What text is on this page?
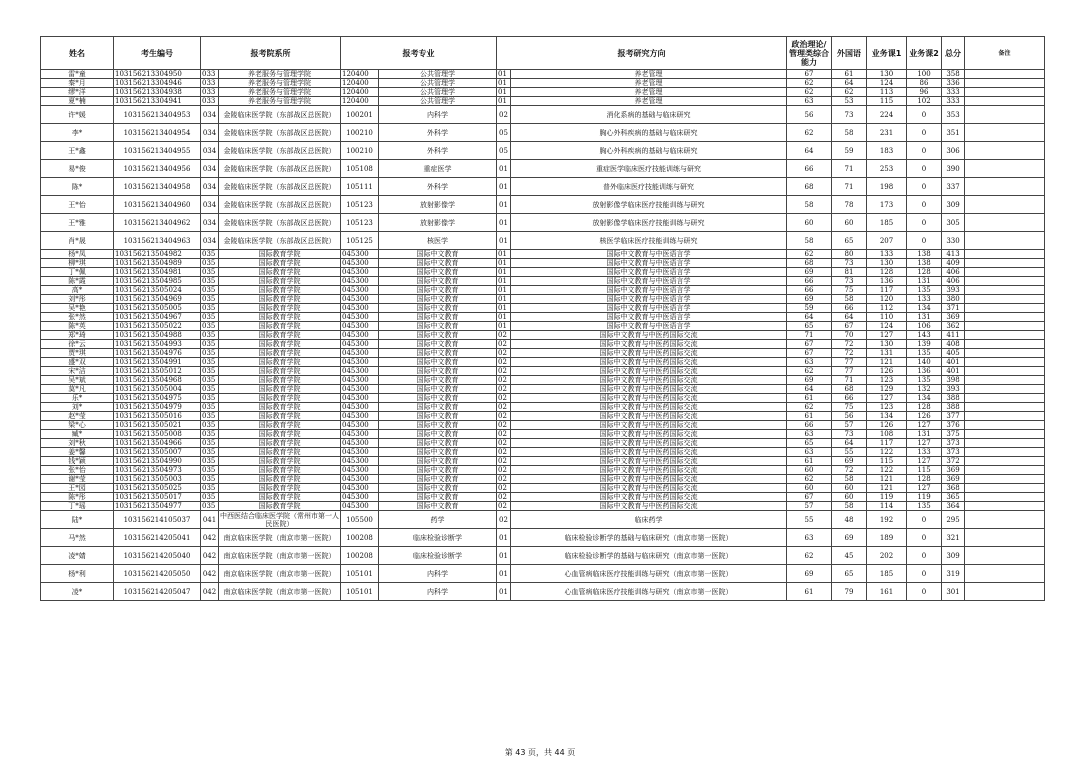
姓名	考生编号	报考院系所		报考专业		报考研究方向		政治理论/管理类综合能力	外国语	业务课1	业务课2	总分	备注
雷*童	103156213304950	033	养老服务与管理学院	120400	公共管理学	01	养老管理	67	61	130	100	358	
秦*月	103156213304946	033	养老服务与管理学院	120400	公共管理学	01	养老管理	62	64	124	86	336	
缪*洋	103156213304938	033	养老服务与管理学院	120400	公共管理学	01	养老管理	62	62	113	96	333	
夏*楠	103156213304941	033	养老服务与管理学院	120400	公共管理学	01	养老管理	63	53	115	102	333	
许*媛	103156213404953	034	金陵临床医学院（东部战区总医院）	100201	内科学	02	消化系病的基础与临床研究	56	73	224	0	353	
李*	103156213404954	034	金陵临床医学院（东部战区总医院）	100210	外科学	05	胸心外科疾病的基础与临床研究	62	58	231	0	351	
王*鑫	103156213404955	034	金陵临床医学院（东部战区总医院）	100210	外科学	05	胸心外科疾病的基础与临床研究	64	59	183	0	306	
易*俊	103156213404956	034	金陵临床医学院（东部战区总医院）	105108	重症医学	01	重症医学临床医疗技能训练与研究	66	71	253	0	390	
陈*	103156213404958	034	金陵临床医学院（东部战区总医院）	105111	外科学	01	普外临床医疗技能训练与研究	68	71	198	0	337	
王*怡	103156213404960	034	金陵临床医学院（东部战区总医院）	105123	放射影像学	01	放射影像学临床医疗技能训练与研究	58	78	173	0	309	
王*雅	103156213404962	034	金陵临床医学院（东部战区总医院）	105123	放射影像学	01	放射影像学临床医疗技能训练与研究	60	60	185	0	305	
肖*晟	103156213404963	034	金陵临床医学院（东部战区总医院）	105125	核医学	01	核医学临床医疗技能训练与研究	58	65	207	0	330	
杨*凤	103156213504982	035	国际教育学院	045300	国际中文教育	01	国际中文教育与中医语言学	62	80	133	138	413	
柳*琪	103156213504989	035	国际教育学院	045300	国际中文教育	01	国际中文教育与中医语言学	68	73	130	138	409	
丁*佩	103156213504981	035	国际教育学院	045300	国际中文教育	01	国际中文教育与中医语言学	69	81	128	128	406	
陈*霞	103156213504985	035	国际教育学院	045300	国际中文教育	01	国际中文教育与中医语言学	66	73	136	131	406	
高*	103156213505024	035	国际教育学院	045300	国际中文教育	01	国际中文教育与中医语言学	66	75	117	135	393	
刘*彤	103156213504969	035	国际教育学院	045300	国际中文教育	01	国际中文教育与中医语言学	69	58	120	133	380	
吴*艳	103156213505005	035	国际教育学院	045300	国际中文教育	01	国际中文教育与中医语言学	59	66	112	134	371	
张*然	103156213504967	035	国际教育学院	045300	国际中文教育	01	国际中文教育与中医语言学	64	64	110	131	369	
陈*英	103156213505022	035	国际教育学院	045300	国际中文教育	01	国际中文教育与中医语言学	65	67	124	106	362	
郑*琦	103156213504988	035	国际教育学院	045300	国际中文教育	02	国际中文教育与中医药国际交流	71	70	127	143	411	
徐*云	103156213504993	035	国际教育学院	045300	国际中文教育	02	国际中文教育与中医药国际交流	67	72	130	139	408	
贾*琪	103156213504976	035	国际教育学院	045300	国际中文教育	02	国际中文教育与中医药国际交流	67	72	131	135	405	
盛*双	103156213504991	035	国际教育学院	045300	国际中文教育	02	国际中文教育与中医药国际交流	63	77	121	140	401	
宋*洁	103156213505012	035	国际教育学院	045300	国际中文教育	02	国际中文教育与中医药国际交流	62	77	126	136	401	
吴*斌	103156213504968	035	国际教育学院	045300	国际中文教育	02	国际中文教育与中医药国际交流	69	71	123	135	398	
莫*凡	103156213505004	035	国际教育学院	045300	国际中文教育	02	国际中文教育与中医药国际交流	64	68	129	132	393	
乐*	103156213504975	035	国际教育学院	045300	国际中文教育	02	国际中文教育与中医药国际交流	61	66	127	134	388	
刘*	103156213504979	035	国际教育学院	045300	国际中文教育	02	国际中文教育与中医药国际交流	62	75	123	128	388	
赵*莹	103156213505016	035	国际教育学院	045300	国际中文教育	02	国际中文教育与中医药国际交流	61	56	134	126	377	
梁*心	103156213505021	035	国际教育学院	045300	国际中文教育	02	国际中文教育与中医药国际交流	66	57	126	127	376	
臧*	103156213505008	035	国际教育学院	045300	国际中文教育	02	国际中文教育与中医药国际交流	63	73	108	131	375	
刘*秋	103156213504966	035	国际教育学院	045300	国际中文教育	02	国际中文教育与中医药国际交流	65	64	117	127	373	
姜*馨	103156213505007	035	国际教育学院	045300	国际中文教育	02	国际中文教育与中医药国际交流	63	55	122	133	373	
钱*颖	103156213504990	035	国际教育学院	045300	国际中文教育	02	国际中文教育与中医药国际交流	61	69	115	127	372	
张*怡	103156213504973	035	国际教育学院	045300	国际中文教育	02	国际中文教育与中医药国际交流	60	72	122	115	369	
谢*莹	103156213505003	035	国际教育学院	045300	国际中文教育	02	国际中文教育与中医药国际交流	62	58	121	128	369	
王*园	103156213505025	035	国际教育学院	045300	国际中文教育	02	国际中文教育与中医药国际交流	60	60	121	127	368	
陈*彤	103156213505017	035	国际教育学院	045300	国际中文教育	02	国际中文教育与中医药国际交流	67	60	119	119	365	
丁*瑶	103156213504977	035	国际教育学院	045300	国际中文教育	02	国际中文教育与中医药国际交流	57	58	114	135	364	
陆*	103156214105037	041	中西医结合临床医学院（常州市第一人民医院）	105500	药学	02	临床药学	55	48	192	0	295	
马*然	103156214205041	042	南京临床医学院（南京市第一医院）	100208	临床检验诊断学	01	临床检验诊断学的基础与临床研究（南京市第一医院）	63	69	189	0	321	
凌*婧	103156214205040	042	南京临床医学院（南京市第一医院）	100208	临床检验诊断学	01	临床检验诊断学的基础与临床研究（南京市第一医院）	62	45	202	0	309	
杨*利	103156214205050	042	南京临床医学院（南京市第一医院）	105101	内科学	01	心血管病临床医疗技能训练与研究（南京市第一医院）	69	65	185	0	319	
凌*	103156214205047	042	南京临床医学院（南京市第一医院）	105101	内科学	01	心血管病临床医疗技能训练与研究（南京市第一医院）	61	79	161	0	301	
第 43 页，共 44 页
